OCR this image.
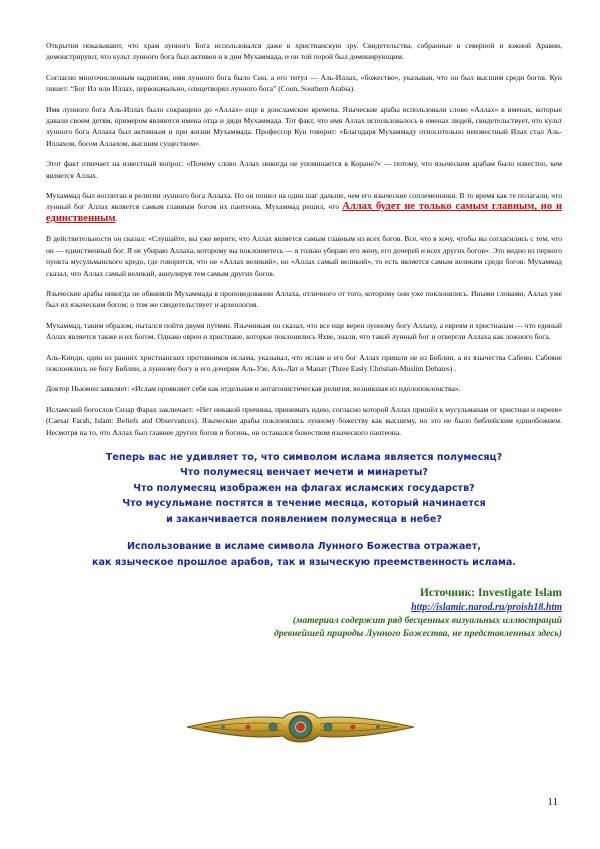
Открытия показывают, что храм лунного Бога использовался даже в христианскую эру. Свидетельства, собранные в северной и южной Аравии, демонстрируют, что культ лунного бога был активен и в дни Мухаммада, и он той порой был доминирующим.

Согласно многочисленным надписям, имя лунного бога было Син, а его титул — Аль-Иллах, «божество», указывая, что он был высшим среди богов. Кун пишет: “Бог Ил или Иллах, первоначально, олицетворял лунного бога” (Coon, Southern Arabia).

Имя лунного бога Аль-Иллах было сокращено до «Аллах» еще в доисламские времена. Языческие арабы использовали слово «Аллах» в именах, которые давали своим детям, примером являются имена отца и дяди Мухаммада. Тот факт, что имя Аллах использовалось в именах людей, свидетельствует, что культ лунного бога Аллаха был активным и при жизни Мухаммада. Профессор Кун говорит: «Благодаря Мухаммаду относительно неизвестный Илах стал Аль-Иллахом, богом Аллахом, высшим существом».

Этот факт отвечает на известный вопрос: «Почему слово Аллах никогда не упоминается в Коране?» — потому, что языческим арабам было известно, кем является Аллах.

Мухаммад был воспитан в религии лунного бога Аллаха. Но он пошел на один шаг дальше, чем его языческие соплеменники. В то время как те полагали, что лунный бог Аллах является самым главным богом их пантеона, Мухаммад решил, что Аллах будет не только самым главным, но и единственным.

В действительности он сказал: «Слушайте, вы уже верите, что Аллах является самым главным из всех богов. Все, что я хочу, чтобы вы согласились с тем, что он — единственный бог. Я не убираю Аллаха, которому вы поклоняетесь — я только убираю его жену, его дочерей и всех других богов». Это видно из первого пункта мусульманского кредо, где говорится, что не «Аллах великий», но «Аллах самый великий», то есть является самым великим среди богов. Мухаммад сказал, что Аллах самый великий, аннулируя тем самым других богов.

Языческие арабы никогда не обвиняли Мухаммада в проповедовании Аллаха, отличного от того, которому они уже поклонялись. Иными словами, Аллах уже был их языческим богом; о том же свидетельствует и археология.

Мухаммад, таким образом, пытался пойти двумя путями. Язычникам он сказал, что все еще верен лунному богу Аллаху, а евреям и христианам — что единый Аллах является также и их богом. Однако евреи и христиане, которые поклонялись Яхве, знали, что такой лунный бог и отвергли Аллаха как ложного бога.

Аль-Кинди, один из ранних христианских противников ислама, указывал, что ислам и его бог Аллах пришли не из Библии, а из язычества Сабеян. Сабеяне поклонялись не богу Библии, а лунному богу и его дочерям Аль-Узе, Аль-Лат и Манат (Three Easly Christian-Muslim Debates) .

Доктор Ньюмен заявляет: «Ислам проявляет себя как отдельная и антагонистическая религия, возникшая из идолопоклонства».

Исламский богослов Сизар Фарах заключает: «Нет никакой причины, принимать идею, согласно которой Аллах пришёл к мусульманам от христиан и евреев» (Caesar Farah, Islam: Beliefs and Observances). Языческие арабы поклонялись лунному божеству как высшему, но это не было библейским единобожием. Несмотря на то, что Аллах был главнее других богов и богинь, он оставался божеством языческого пантеона.

Теперь вас не удивляет то, что символом ислама является полумесяц?
Что полумесяц венчает мечети и минареты?
Что полумесяц изображен на флагах исламских государств?
Что мусульмане постятся в течение месяца, который начинается
и заканчивается появлением полумесяца в небе?
Использование в исламе символа Лунного Божества отражает,
как языческое прошлое арабов, так и языческую преемственность ислама.
Источник: Investigate Islam
http://islamic.narod.ru/proish18.htm
(материал содержит ряд бесценных визуальных иллюстраций
древнейшей природы Лунного Божества, не представленных здесь)
11
